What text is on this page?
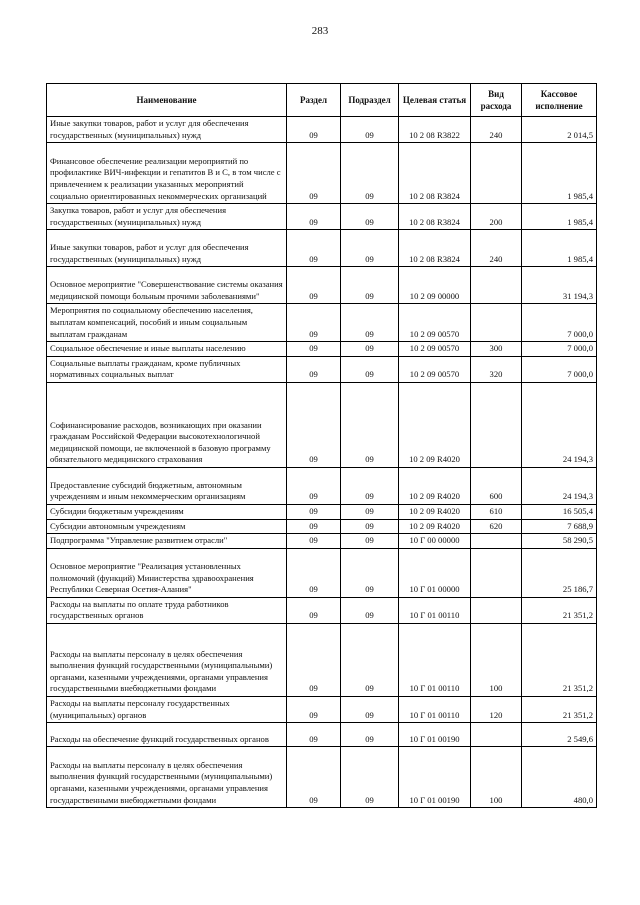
283
Наименование	Раздел	Подраздел	Целевая статья	Вид расхода	Кассовое исполнение
Иные закупки товаров, работ и услуг для обеспечения государственных (муниципальных) нужд	09	09	10 2 08 R3822	240	2 014,5
Финансовое обеспечение реализации мероприятий по профилактике ВИЧ-инфекции и гепатитов В и С, в том числе с привлечением к реализации указанных мероприятий социально ориентированных некоммерческих организаций	09	09	10 2 08 R3824		1 985,4
Закупка товаров, работ и услуг для обеспечения государственных (муниципальных) нужд	09	09	10 2 08 R3824	200	1 985,4
Иные закупки товаров, работ и услуг для обеспечения государственных (муниципальных) нужд	09	09	10 2 08 R3824	240	1 985,4
Основное мероприятие "Совершенствование системы оказания медицинской помощи больным прочими заболеваниями"	09	09	10 2 09 00000		31 194,3
Мероприятия по социальному обеспечению населения, выплатам компенсаций, пособий и иным социальным выплатам гражданам	09	09	10 2 09 00570		7 000,0
Социальное обеспечение и иные выплаты населению	09	09	10 2 09 00570	300	7 000,0
Социальные выплаты гражданам, кроме публичных нормативных социальных выплат	09	09	10 2 09 00570	320	7 000,0
Софинансирование расходов, возникающих при оказании гражданам Российской Федерации высокотехнологичной медицинской помощи, не включенной в базовую программу обязательного медицинского страхования	09	09	10 2 09 R4020		24 194,3
Предоставление субсидий бюджетным, автономным учреждениям и иным некоммерческим организациям	09	09	10 2 09 R4020	600	24 194,3
Субсидии бюджетным учреждениям	09	09	10 2 09 R4020	610	16 505,4
Субсидии автономным учреждениям	09	09	10 2 09 R4020	620	7 688,9
Подпрограмма "Управление развитием отрасли"	09	09	10 Г 00 00000		58 290,5
Основное мероприятие "Реализация установленных полномочий (функций) Министерства здравоохранения Республики Северная Осетия-Алания"	09	09	10 Г 01 00000		25 186,7
Расходы на выплаты по оплате труда работников государственных органов	09	09	10 Г 01 00110		21 351,2
Расходы на выплаты персоналу в целях обеспечения выполнения функций государственными (муниципальными) органами, казенными учреждениями, органами управления государственными внебюджетными фондами	09	09	10 Г 01 00110	100	21 351,2
Расходы на выплаты персоналу государственных (муниципальных) органов	09	09	10 Г 01 00110	120	21 351,2
Расходы на обеспечение функций государственных органов	09	09	10 Г 01 00190		2 549,6
Расходы на выплаты персоналу в целях обеспечения выполнения функций государственными (муниципальными) органами, казенными учреждениями, органами управления государственными внебюджетными фондами	09	09	10 Г 01 00190	100	480,0
